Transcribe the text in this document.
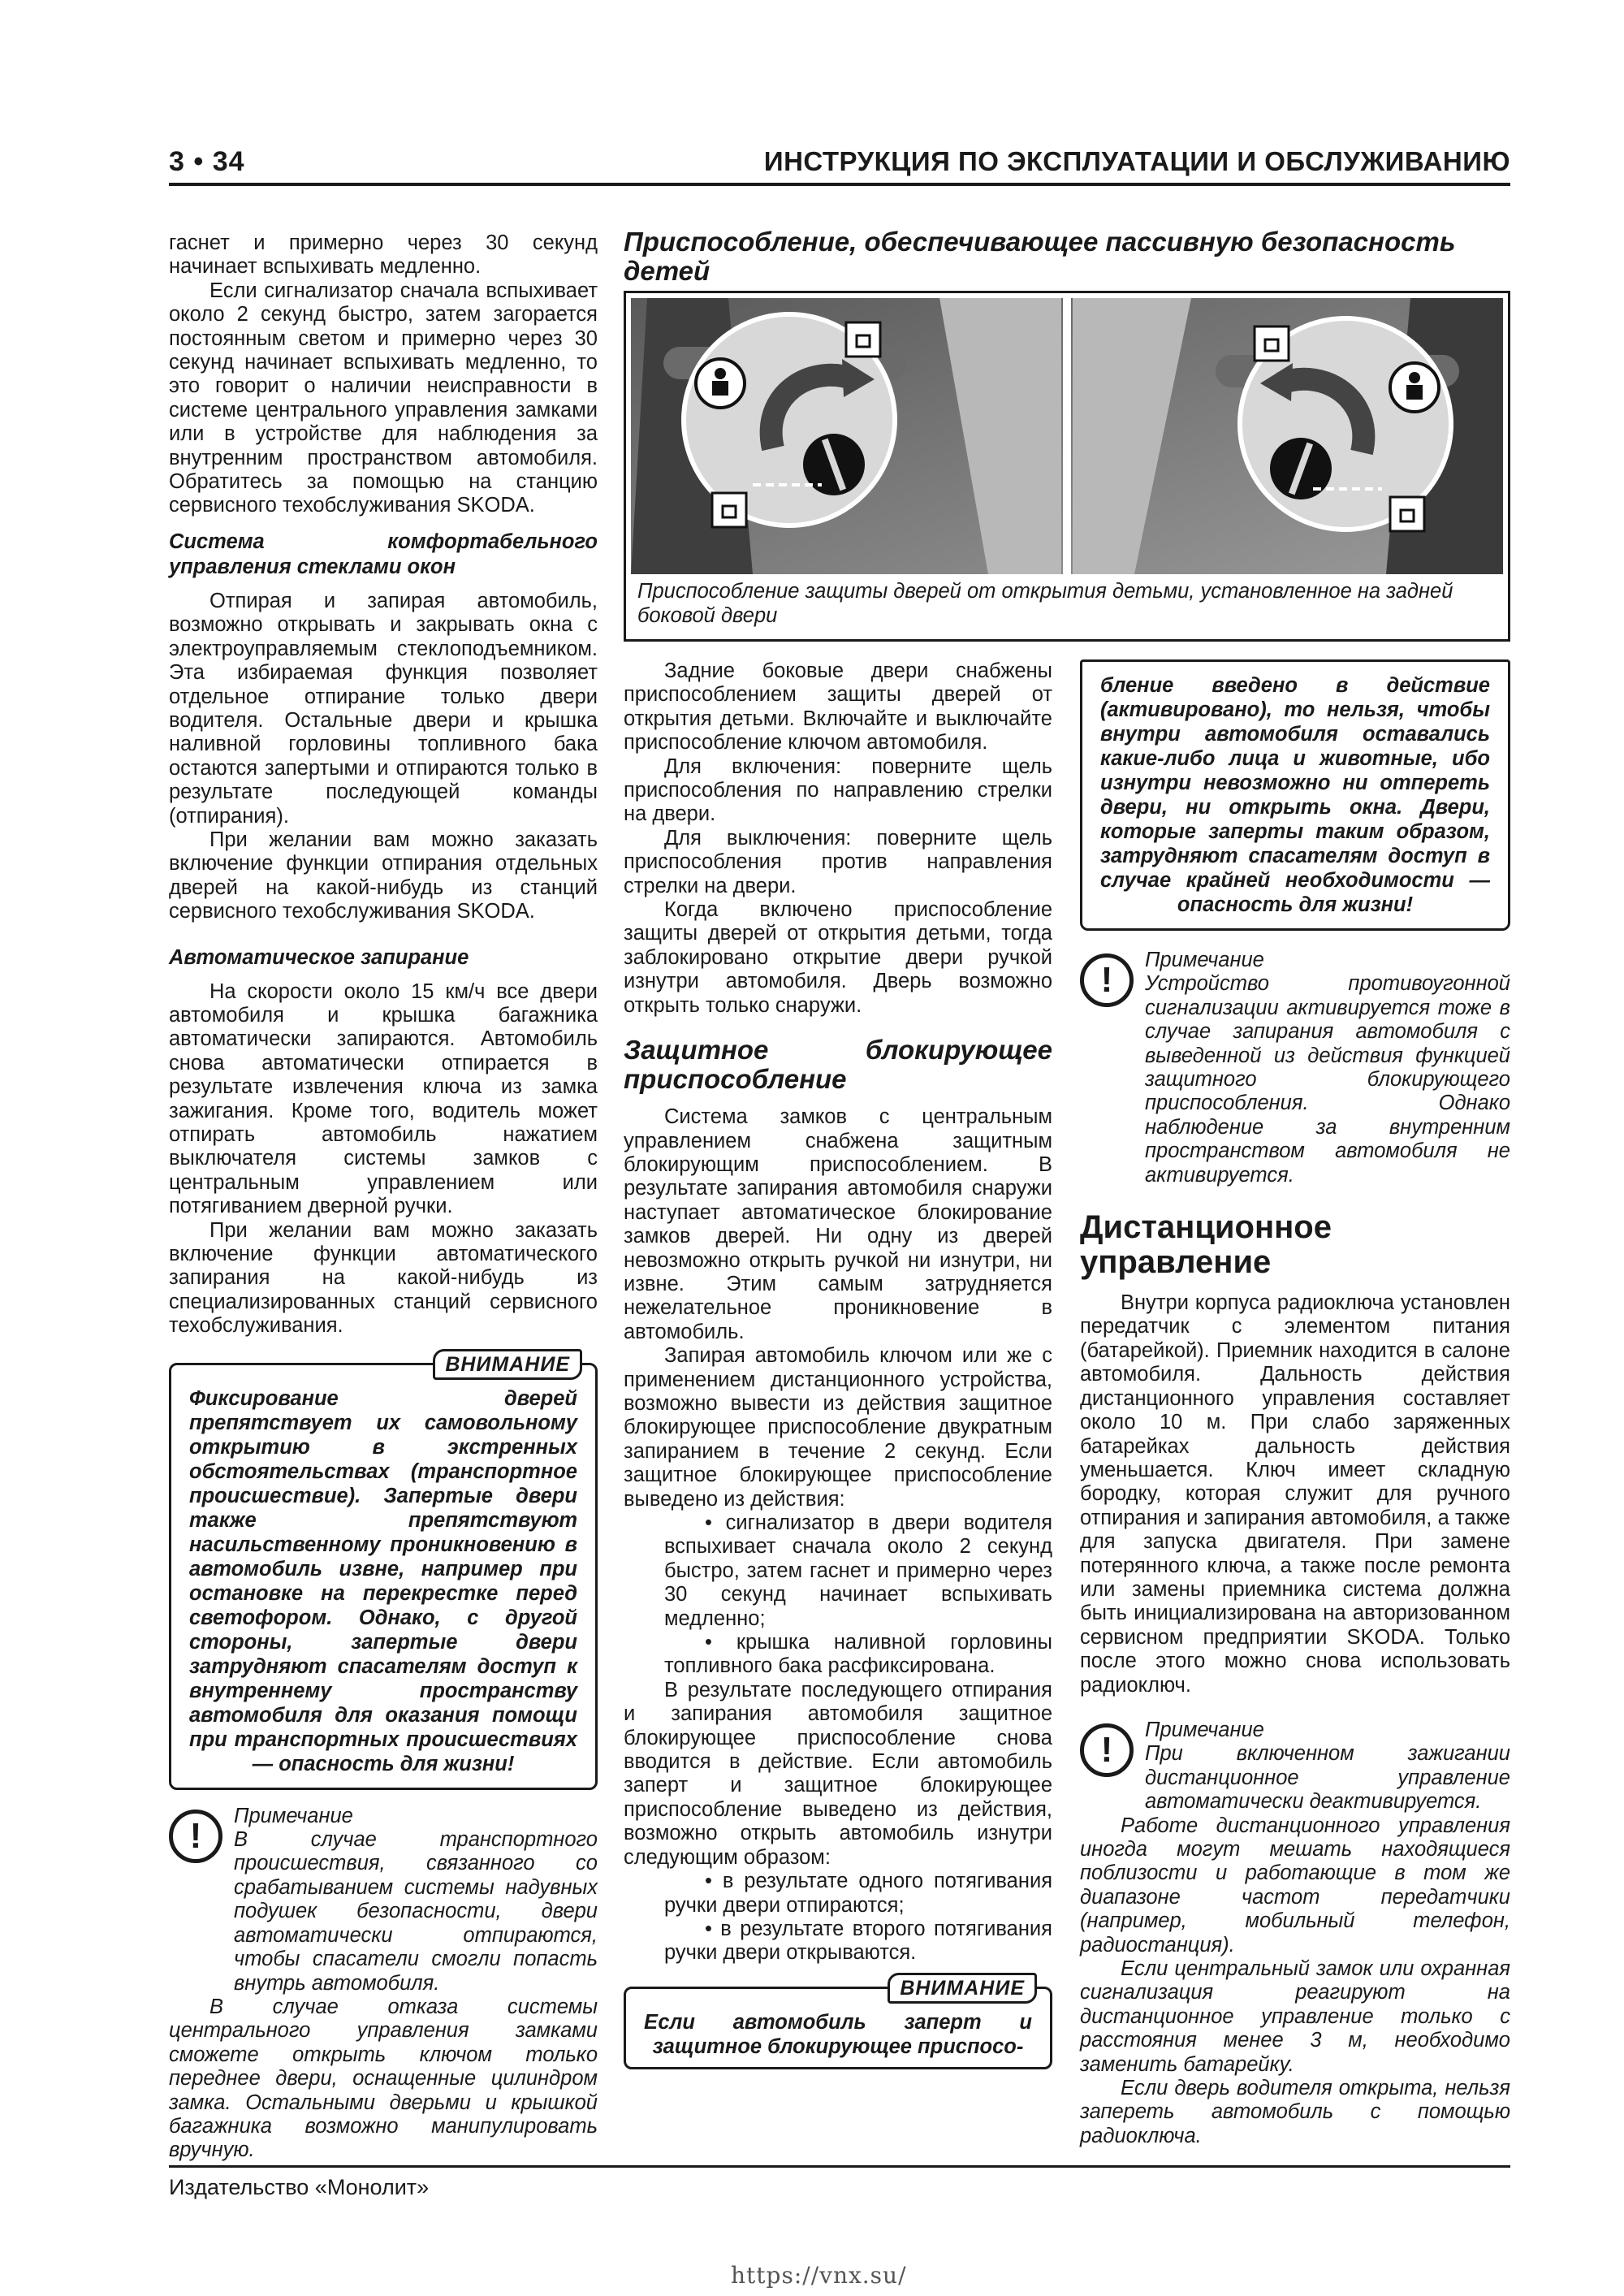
3 • 34	ИНСТРУКЦИЯ ПО ЭКСПЛУАТАЦИИ И ОБСЛУЖИВАНИЮ

гаснет и примерно через 30 секунд начинает вспыхивать медленно.

Если сигнализатор сначала вспыхивает около 2 секунд быстро, затем загорается постоянным светом и примерно через 30 секунд начинает вспыхивать медленно, то это говорит о наличии неисправности в системе центрального управления замками или в устройстве для наблюдения за внутренним пространством автомобиля. Обратитесь за помощью на станцию сервисного техобслуживания SKODA.

Система комфортабельного управления стеклами окон

Отпирая и запирая автомобиль, возможно открывать и закрывать окна с электроуправляемым стеклоподъемником. Эта избираемая функция позволяет отдельное отпирание только двери водителя. Остальные двери и крышка наливной горловины топливного бака остаются запертыми и отпираются только в результате последующей команды (отпирания).

При желании вам можно заказать включение функции отпирания отдельных дверей на какой-нибудь из станций сервисного техобслуживания SKODA.

Автоматическое запирание

На скорости около 15 км/ч все двери автомобиля и крышка багажника автоматически запираются. Автомобиль снова автоматически отпирается в результате извлечения ключа из замка зажигания. Кроме того, водитель может отпирать автомобиль нажатием выключателя системы замков с центральным управлением или потягиванием дверной ручки.

При желании вам можно заказать включение функции автоматического запирания на какой-нибудь из специализированных станций сервисного техобслуживания.

ВНИМАНИЕ
Фиксирование дверей препятствует их самовольному открытию в экстренных обстоятельствах (транспортное происшествие). Запертые двери также препятствуют насильственному проникновению в автомобиль извне, например при остановке на перекрестке перед светофором. Однако, с другой стороны, запертые двери затрудняют спасателям доступ к внутреннему пространству автомобиля для оказания помощи при транспортных происшествиях — опасность для жизни!
!

Примечание

В случае транспортного происшествия, связанного со срабатыванием системы надувных подушек безопасности, двери автоматически отпираются, чтобы спасатели смогли попасть внутрь автомобиля.

В случае отказа системы центрального управления замками сможете открыть ключом только переднее двери, оснащенные цилиндром замка. Остальными дверьми и крышкой багажника возможно манипулировать вручную.

Приспособление, обеспечивающее пассивную безопасность детей
Приспособление защиты дверей от открытия детьми, установленное на задней боковой двери

Задние боковые двери снабжены приспособлением защиты дверей от открытия детьми. Включайте и выключайте приспособление ключом автомобиля.

Для включения: поверните щель приспособления по направлению стрелки на двери.

Для выключения: поверните щель приспособления против направления стрелки на двери.

Когда включено приспособление защиты дверей от открытия детьми, тогда заблокировано открытие двери ручкой изнутри автомобиля. Дверь возможно открыть только снаружи.

Защитное блокирующее приспособление

Система замков с центральным управлением снабжена защитным блокирующим приспособлением. В результате запирания автомобиля снаружи наступает автоматическое блокирование замков дверей. Ни одну из дверей невозможно открыть ручкой ни изнутри, ни извне. Этим самым затрудняется нежелательное проникновение в автомобиль.

Запирая автомобиль ключом или же с применением дистанционного устройства, возможно вывести из действия защитное блокирующее приспособление двукратным запиранием в течение 2 секунд. Если защитное блокирующее приспособление выведено из действия:

• сигнализатор в двери водителя вспыхивает сначала около 2 секунд быстро, затем гаснет и примерно через 30 секунд начинает вспыхивать медленно;

• крышка наливной горловины топливного бака расфиксирована.

В результате последующего отпирания и запирания автомобиля защитное блокирующее приспособление снова вводится в действие. Если автомобиль заперт и защитное блокирующее приспособление выведено из действия, возможно открыть автомобиль изнутри следующим образом:

• в результате одного потягивания ручки двери отпираются;

• в результате второго потягивания ручки двери открываются.

ВНИМАНИЕ
Если автомобиль заперт и защитное блокирующее приспосо-
бление введено в действие (активировано), то нельзя, чтобы внутри автомобиля оставались какие-либо лица и животные, ибо изнутри невозможно ни отпереть двери, ни открыть окна. Двери, которые заперты таким образом, затрудняют спасателям доступ в случае крайней необходимости — опасность для жизни!
!

Примечание

Устройство противоугонной сигнализации активируется тоже в случае запирания автомобиля с выведенной из действия функцией защитного блокирующего приспособления. Однако наблюдение за внутренним пространством автомобиля не активируется.

Дистанционное управление

Внутри корпуса радиоключа установлен передатчик с элементом питания (батарейкой). Приемник находится в салоне автомобиля. Дальность действия дистанционного управления составляет около 10 м. При слабо заряженных батарейках дальность действия уменьшается. Ключ имеет складную бородку, которая служит для ручного отпирания и запирания автомобиля, а также для запуска двигателя. При замене потерянного ключа, а также после ремонта или замены приемника система должна быть инициализирована на авторизованном сервисном предприятии SKODA. Только после этого можно снова использовать радиоключ.

!

Примечание

При включенном зажигании дистанционное управление автоматически деактивируется.

Работе дистанционного управления иногда могут мешать находящиеся поблизости и работающие в том же диапазоне частот передатчики (например, мобильный телефон, радиостанция).

Если центральный замок или охранная сигнализация реагируют на дистанционное управление только с расстояния менее 3 м, необходимо заменить батарейку.

Если дверь водителя открыта, нельзя запереть автомобиль с помощью радиоключа.

Издательство «Монолит»
https://vnx.su/
